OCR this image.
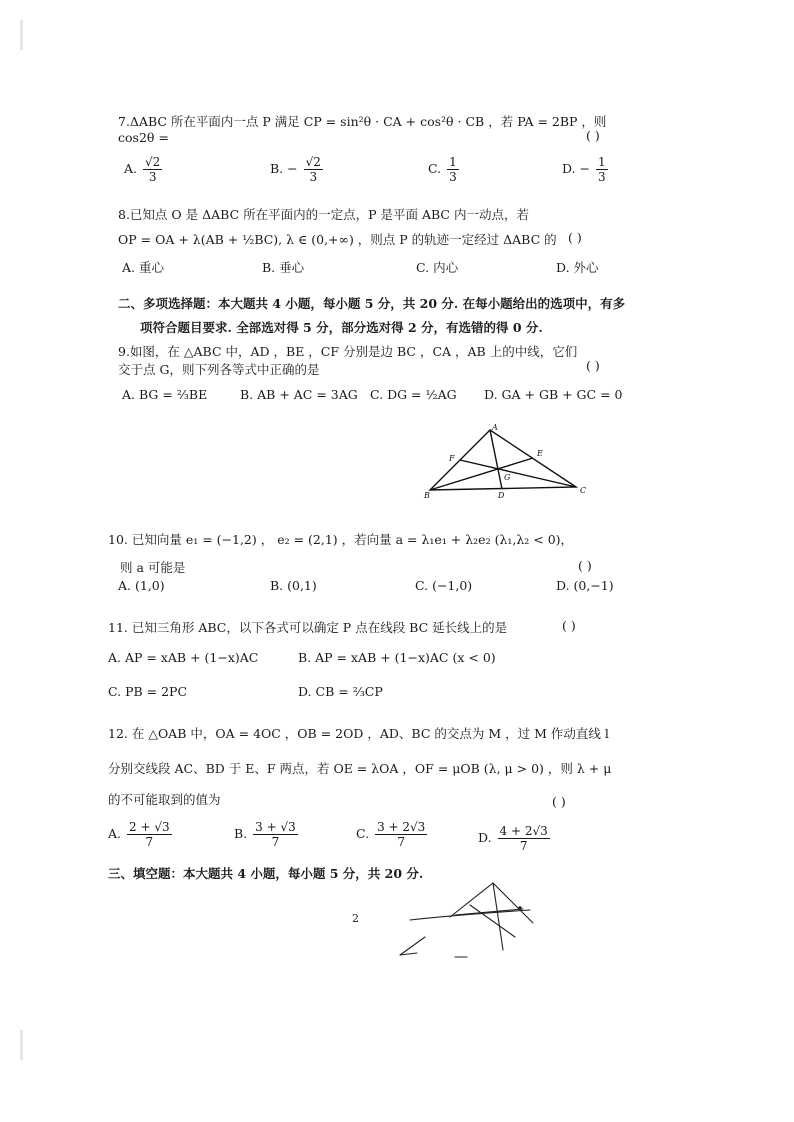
7.ΔABC 所在平面内一点 P 满足 CP = sin²θ · CA + cos²θ · CB ，若 PA = 2BP ，则
cos2θ =	( )
A. $\frac{√2}{3}$	B. − $\frac{√2}{3}$	C. $\frac{1}{3}$	D. − $\frac{1}{3}$
8.已知点 O 是 ΔABC 所在平面内的一定点，P 是平面 ABC 内一动点，若
OP = OA + λ(AB + ½BC), λ ∈ (0,+∞) ，则点 P 的轨迹一定经过 ΔABC 的 ( )
A. 重心	B. 垂心	C. 内心	D. 外心
二、多项选择题：本大题共 4 小题，每小题 5 分，共 20 分. 在每小题给出的选项中，有多
项符合题目要求. 全部选对得 5 分，部分选对得 2 分，有选错的得 0 分.
9.如图，在 △ABC 中，AD ，BE ，CF 分别是边 BC ，CA ，AB 上的中线，它们
交于点 G，则下列各等式中正确的是	( )
A. BG = ⅔BE	B. AB + AC = 3AG C. DG = ½AG D. GA + GB + GC = 0
A
B
C
D
E
F
G
10. 已知向量 e₁ = (−1,2) ， e₂ = (2,1) ，若向量 a = λ₁e₁ + λ₂e₂ (λ₁,λ₂ < 0)，
则 a 可能是	( )
A. (1,0)	B. (0,1)	C. (−1,0)	D. (0,−1)
11. 已知三角形 ABC，以下各式可以确定 P 点在线段 BC 延长线上的是	( )
A. AP = xAB + (1−x)AC	B. AP = xAB + (1−x)AC (x < 0)
C. PB = 2PC	D. CB = ⅔CP
12. 在 △OAB 中，OA = 4OC ，OB = 2OD ，AD、BC 的交点为 M ，过 M 作动直线 l
分别交线段 AC、BD 于 E、F 两点，若 OE = λOA ，OF = μOB (λ, μ > 0) ，则 λ + μ
的不可能取到的值为	( )
A. $\frac{2 + √3}{7}$	B. $\frac{3 + √3}{7}$	C. $\frac{3 + 2√3}{7}$	D. $\frac{4 + 2√3}{7}$
三、填空题：本大题共 4 小题，每小题 5 分，共 20 分.
2
